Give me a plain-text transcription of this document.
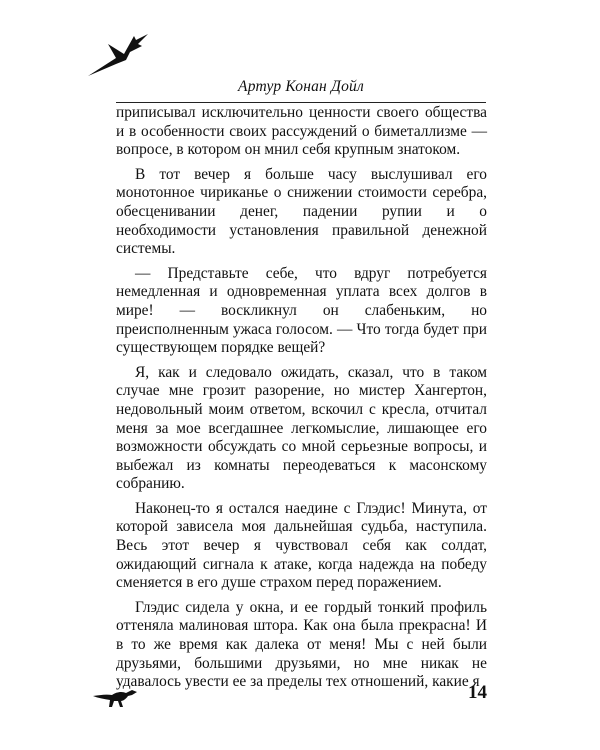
Артур Конан Дойл

приписывал исключительно ценности своего общества и в особенности своих рассуждений о биметаллизме — вопросе, в котором он мнил себя крупным знатоком.

В тот вечер я больше часу выслушивал его монотонное чириканье о снижении стоимости серебра, обесценивании денег, падении рупии и о необходимости установления правильной денежной системы.

— Представьте себе, что вдруг потребуется немедленная и одновременная уплата всех долгов в мире! — воскликнул он слабеньким, но преисполненным ужаса голосом. — Что тогда будет при существующем порядке вещей?

Я, как и следовало ожидать, сказал, что в таком случае мне грозит разорение, но мистер Хангертон, недовольный моим ответом, вскочил с кресла, отчитал меня за мое всегдашнее легкомыслие, лишающее его возможности обсуждать со мной серьезные вопросы, и выбежал из комнаты переодеваться к масонскому собранию.

Наконец-то я остался наедине с Глэдис! Минута, от которой зависела моя дальнейшая судьба, наступила. Весь этот вечер я чувствовал себя как солдат, ожидающий сигнала к атаке, когда надежда на победу сменяется в его душе страхом перед поражением.

Глэдис сидела у окна, и ее гордый тонкий профиль оттеняла малиновая штора. Как она была прекрасна! И в то же время как далека от меня! Мы с ней были друзьями, большими друзьями, но мне никак не удавалось увести ее за пределы тех отношений, какие я

14
